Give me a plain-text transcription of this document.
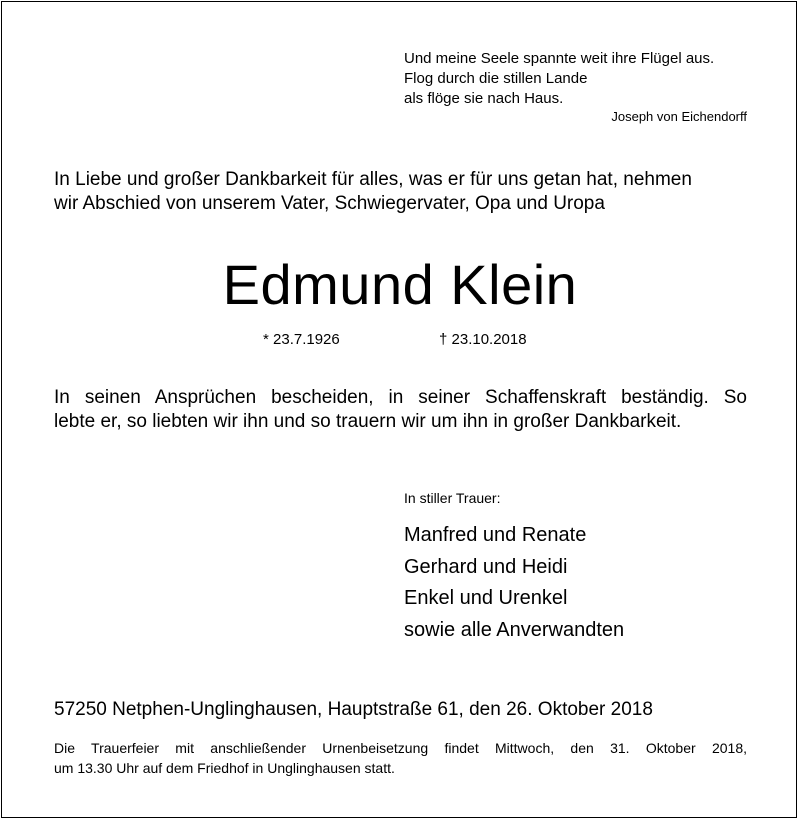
Und meine Seele spannte weit ihre Flügel aus.
Flog durch die stillen Lande
als flöge sie nach Haus.
Joseph von Eichendorff
In Liebe und großer Dankbarkeit für alles, was er für uns getan hat, nehmen
wir Abschied von unserem Vater, Schwiegervater, Opa und Uropa
Edmund Klein
* 23.7.1926	† 23.10.2018
In seinen Ansprüchen bescheiden, in seiner Schaffenskraft beständig. So
lebte er, so liebten wir ihn und so trauern wir um ihn in großer Dankbarkeit.
In stiller Trauer:
Manfred und Renate
Gerhard und Heidi
Enkel und Urenkel
sowie alle Anverwandten
57250 Netphen-Unglinghausen, Hauptstraße 61, den 26. Oktober 2018
Die Trauerfeier mit anschließender Urnenbeisetzung findet Mittwoch, den 31. Oktober 2018,
um 13.30 Uhr auf dem Friedhof in Unglinghausen statt.
